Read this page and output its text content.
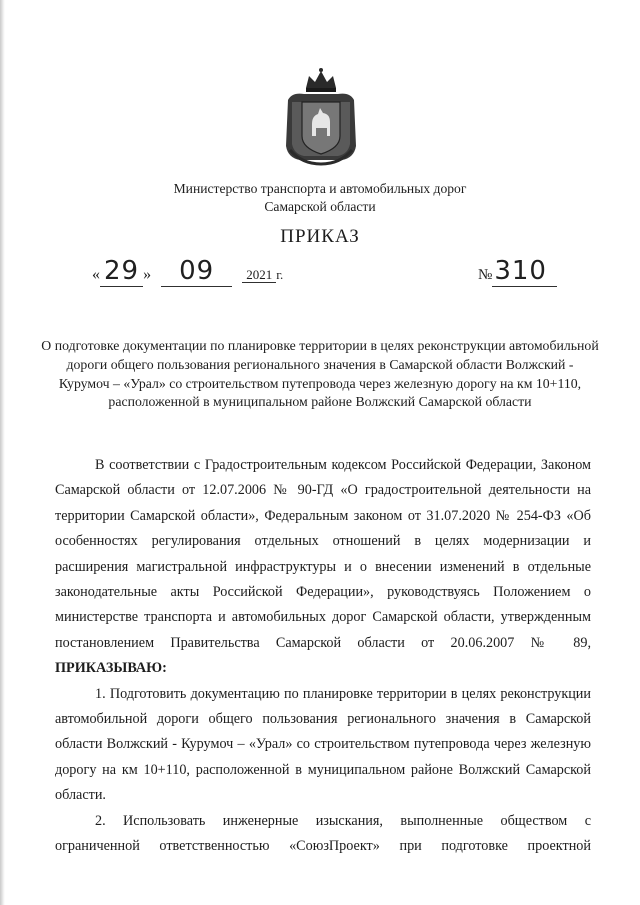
Министерство транспорта и автомобильных дорог
Самарской области
ПРИКАЗ
« 29 » 09 2021 г.	№310
О подготовке документации по планировке территории в целях реконструкции автомобильной дороги общего пользования регионального значения в Самарской области Волжский - Курумоч – «Урал» со строительством путепровода через железную дорогу на км 10+110, расположенной в муниципальном районе Волжский Самарской области

В соответствии с Градостроительным кодексом Российской Федерации, Законом Самарской области от 12.07.2006 № 90-ГД «О градостроительной деятельности на территории Самарской области», Федеральным законом от 31.07.2020 № 254-ФЗ «Об особенностях регулирования отдельных отношений в целях модернизации и расширения магистральной инфраструктуры и о внесении изменений в отдельные законодательные акты Российской Федерации», руководствуясь Положением о министерстве транспорта и автомобильных дорог Самарской области, утвержденным постановлением Правительства Самарской области от 20.06.2007 № 89, ПРИКАЗЫВАЮ:

1. Подготовить документацию по планировке территории в целях реконструкции автомобильной дороги общего пользования регионального значения в Самарской области Волжский - Курумоч – «Урал» со строительством путепровода через железную дорогу на км 10+110, расположенной в муниципальном районе Волжский Самарской области.

2. Использовать инженерные изыскания, выполненные обществом с ограниченной ответственностью «СоюзПроект» при подготовке проектной
